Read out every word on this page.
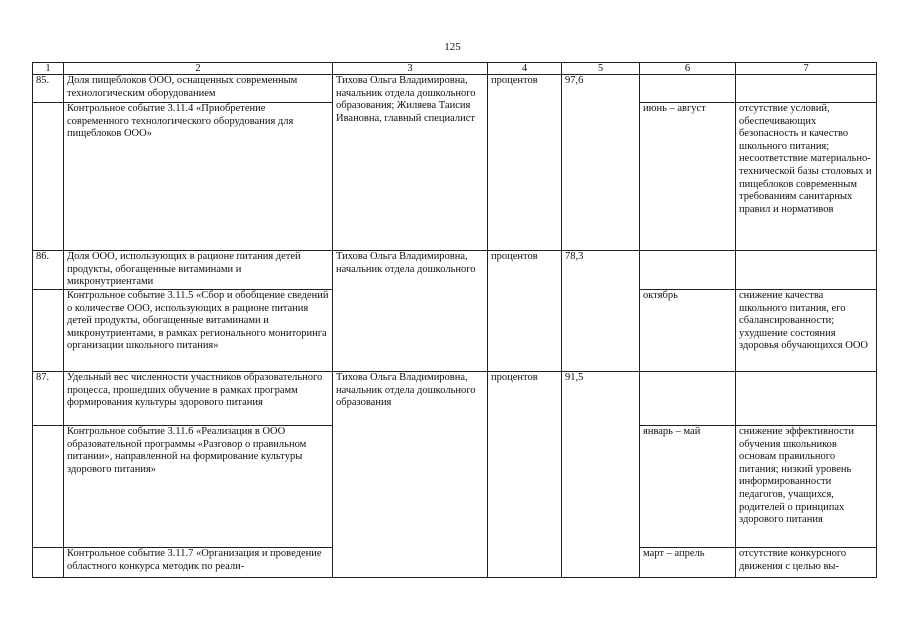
125
1	2	3	4	5	6	7
85.	Доля пищеблоков ООО, оснащенных современным технологическим оборудованием	Тихова Ольга Владимировна, начальник отдела дошкольного образования; Жиляева Таисия Ивановна, главный специалист	процентов	97,6		
	Контрольное событие 3.11.4 «Приобретение современного технологического оборудования для пищеблоков ООО»				июнь – август	отсутствие условий, обеспечивающих безопасность и качество школьного питания; несоответствие материально-технической базы столовых и пищеблоков современным требованиям санитарных правил и нормативов
86.	Доля ООО, использующих в рационе питания детей продукты, обогащенные витаминами и микронутриентами	Тихова Ольга Владимировна, начальник отдела дошкольного	процентов	78,3		
	Контрольное событие 3.11.5 «Сбор и обобщение сведений о количестве ООО, использующих в рационе питания детей продукты, обогащенные витаминами и микронутриентами, в рамках регионального мониторинга организации школьного питания»				октябрь	снижение качества школьного питания, его сбалансированности; ухудшение состояния здоровья обучающихся ООО
87.	Удельный вес численности участников образовательного процесса, прошедших обучение в рамках программ формирования культуры здорового питания	Тихова Ольга Владимировна, начальник отдела дошкольного образования	процентов	91,5		
	Контрольное событие 3.11.6 «Реализация в ООО образовательной программы «Разговор о правильном питании», направленной на формирование культуры здорового питания»				январь – май	снижение эффективности обучения школьников основам правильного питания; низкий уровень информированности педагогов, учащихся, родителей о принципах здорового питания
	Контрольное событие 3.11.7 «Организация и проведение областного конкурса методик по реали-				март – апрель	отсутствие конкурсного движения с целью вы-
